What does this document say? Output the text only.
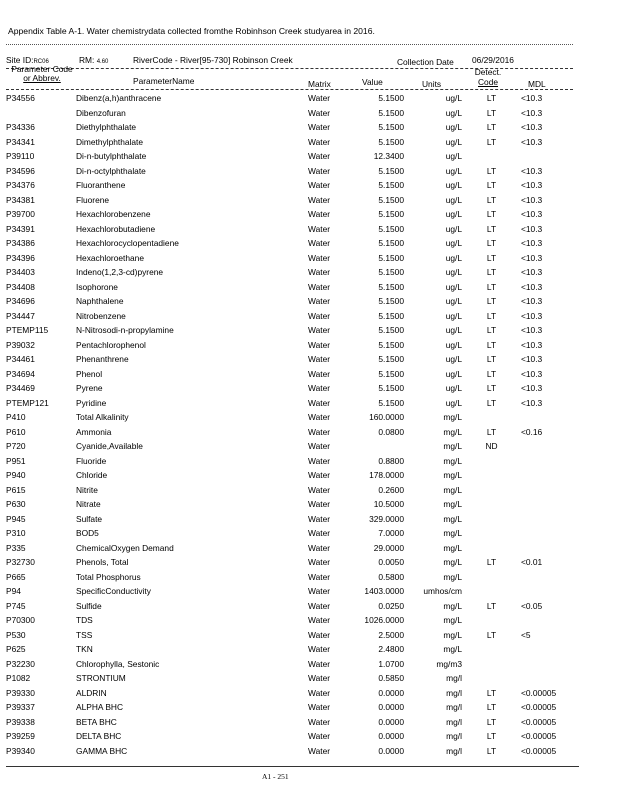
Appendix Table A-1. Water chemistrydata collected fromthe Robinhson Creek studyarea in 2016.
Site ID:RC06	RM: 4.60	RiverCode - River[95-730] Robinson Creek	Collection Date 06/29/2016
Parameter Code
or Abbrev.	ParameterName	Matrix	Value	Units
Detect.
Code	MDL
P34556	Dibenz(a,h)anthracene	Water	5.1500	ug/L	LT	<10.3
	Dibenzofuran	Water	5.1500	ug/L	LT	<10.3
P34336	Diethylphthalate	Water	5.1500	ug/L	LT	<10.3
P34341	Dimethylphthalate	Water	5.1500	ug/L	LT	<10.3
P39110	Di-n-butylphthalate	Water	12.3400	ug/L		
P34596	Di-n-octylphthalate	Water	5.1500	ug/L	LT	<10.3
P34376	Fluoranthene	Water	5.1500	ug/L	LT	<10.3
P34381	Fluorene	Water	5.1500	ug/L	LT	<10.3
P39700	Hexachlorobenzene	Water	5.1500	ug/L	LT	<10.3
P34391	Hexachlorobutadiene	Water	5.1500	ug/L	LT	<10.3
P34386	Hexachlorocyclopentadiene	Water	5.1500	ug/L	LT	<10.3
P34396	Hexachloroethane	Water	5.1500	ug/L	LT	<10.3
P34403	Indeno(1,2,3-cd)pyrene	Water	5.1500	ug/L	LT	<10.3
P34408	Isophorone	Water	5.1500	ug/L	LT	<10.3
P34696	Naphthalene	Water	5.1500	ug/L	LT	<10.3
P34447	Nitrobenzene	Water	5.1500	ug/L	LT	<10.3
PTEMP115	N-Nitrosodi-n-propylamine	Water	5.1500	ug/L	LT	<10.3
P39032	Pentachlorophenol	Water	5.1500	ug/L	LT	<10.3
P34461	Phenanthrene	Water	5.1500	ug/L	LT	<10.3
P34694	Phenol	Water	5.1500	ug/L	LT	<10.3
P34469	Pyrene	Water	5.1500	ug/L	LT	<10.3
PTEMP121	Pyridine	Water	5.1500	ug/L	LT	<10.3
P410	Total Alkalinity	Water	160.0000	mg/L		
P610	Ammonia	Water	0.0800	mg/L	LT	<0.16
P720	Cyanide,Available	Water		mg/L	ND	
P951	Fluoride	Water	0.8800	mg/L		
P940	Chloride	Water	178.0000	mg/L		
P615	Nitrite	Water	0.2600	mg/L		
P630	Nitrate	Water	10.5000	mg/L		
P945	Sulfate	Water	329.0000	mg/L		
P310	BOD5	Water	7.0000	mg/L		
P335	ChemicalOxygen Demand	Water	29.0000	mg/L		
P32730	Phenols, Total	Water	0.0050	mg/L	LT	<0.01
P665	Total Phosphorus	Water	0.5800	mg/L		
P94	SpecificConductivity	Water	1403.0000	umhos/cm		
P745	Sulfide	Water	0.0250	mg/L	LT	<0.05
P70300	TDS	Water	1026.0000	mg/L		
P530	TSS	Water	2.5000	mg/L	LT	<5
P625	TKN	Water	2.4800	mg/L		
P32230	Chlorophylla, Sestonic	Water	1.0700	mg/m3		
P1082	STRONTIUM	Water	0.5850	mg/l		
P39330	ALDRIN	Water	0.0000	mg/l	LT	<0.00005
P39337	ALPHA BHC	Water	0.0000	mg/l	LT	<0.00005
P39338	BETA BHC	Water	0.0000	mg/l	LT	<0.00005
P39259	DELTA BHC	Water	0.0000	mg/l	LT	<0.00005
P39340	GAMMA BHC	Water	0.0000	mg/l	LT	<0.00005
A1 - 251
